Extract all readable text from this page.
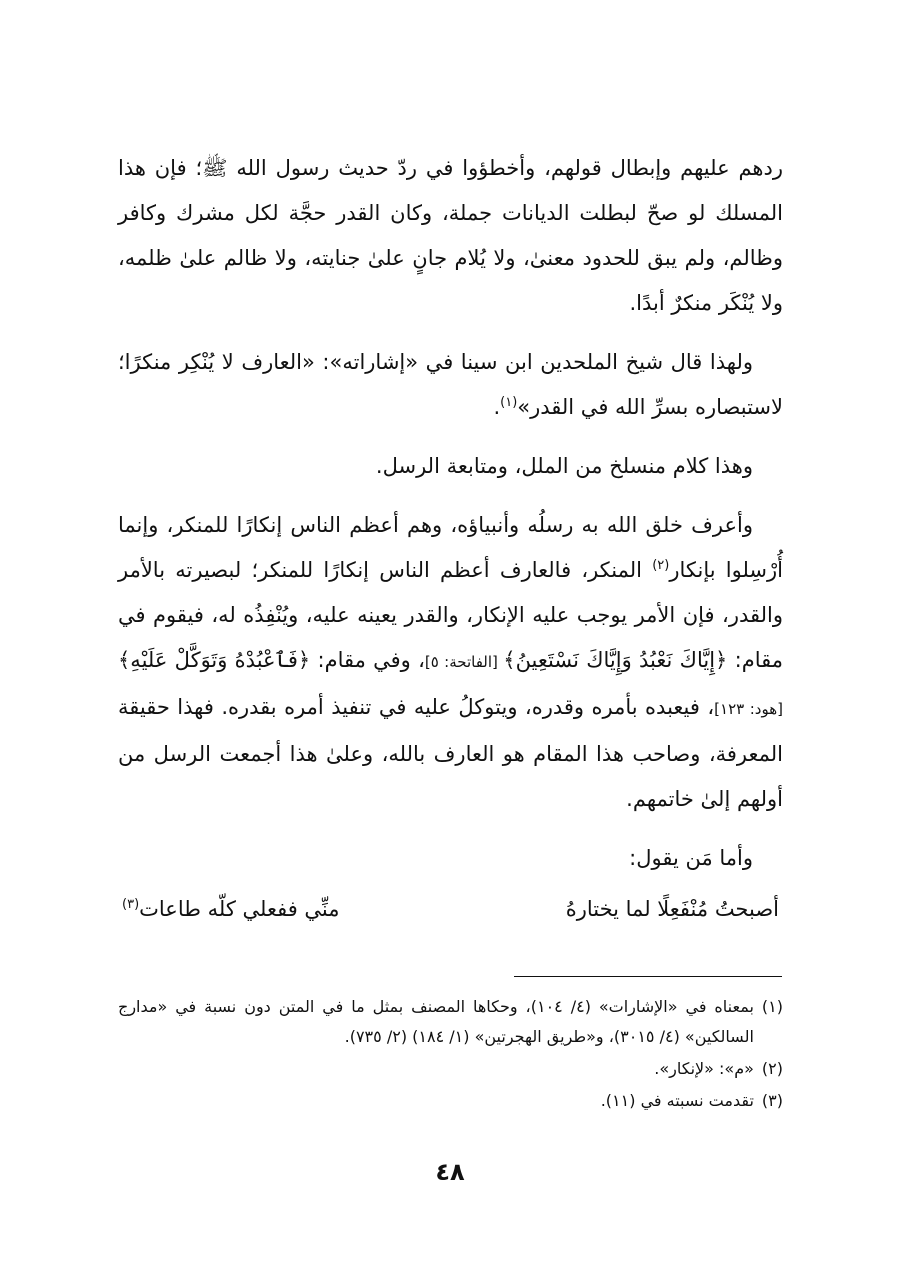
ردهم عليهم وإبطال قولهم، وأخطؤوا في ردّ حديث رسول الله ﷺ؛ فإن هذا المسلك لو صحّ لبطلت الديانات جملة، وكان القدر حجَّة لكل مشرك وكافر وظالم، ولم يبق للحدود معنىٰ، ولا يُلام جانٍ علىٰ جنايته، ولا ظالم علىٰ ظلمه، ولا يُنْكَر منكرٌ أبدًا.

ولهذا قال شيخ الملحدين ابن سينا في «إشاراته»: «العارف لا يُنْكِر منكرًا؛ لاستبصاره بسرِّ الله في القدر»$^{(١)}$.

وهذا كلام منسلخ من الملل، ومتابعة الرسل.

وأعرف خلق الله به رسلُه وأنبياؤه، وهم أعظم الناس إنكارًا للمنكر، وإنما أُرْسِلوا بإنكار$^{(٢)}$ المنكر، فالعارف أعظم الناس إنكارًا للمنكر؛ لبصيرته بالأمر والقدر، فإن الأمر يوجب عليه الإنكار، والقدر يعينه عليه، ويُنْفِذُه له، فيقوم في مقام: ﴿إِيَّاكَ نَعْبُدُ وَإِيَّاكَ نَسْتَعِينُ﴾ [الفاتحة: ٥]، وفي مقام: ﴿فَٱعْبُدْهُ وَتَوَكَّلْ عَلَيْهِ﴾ [هود: ١٢٣]، فيعبده بأمره وقدره، ويتوكلُ عليه في تنفيذ أمره بقدره. فهذا حقيقة المعرفة، وصاحب هذا المقام هو العارف بالله، وعلىٰ هذا أجمعت الرسل من أولهم إلىٰ خاتمهم.

وأما مَن يقول:

أصبحتُ مُنْفَعِلًا لما يختارهُ
منِّي ففعلي كلّه طاعات$^{(٣)}$
(١)
بمعناه في «الإشارات» (٤/ ١٠٤)، وحكاها المصنف بمثل ما في المتن دون نسبة في «مدارج السالكين» (٤/ ٣٠١٥)، و«طريق الهجرتين» (١/ ١٨٤) (٢/ ٧٣٥).
(٢)
«م»: «لإنكار».
(٣)
تقدمت نسبته في (١١).
٤٨
